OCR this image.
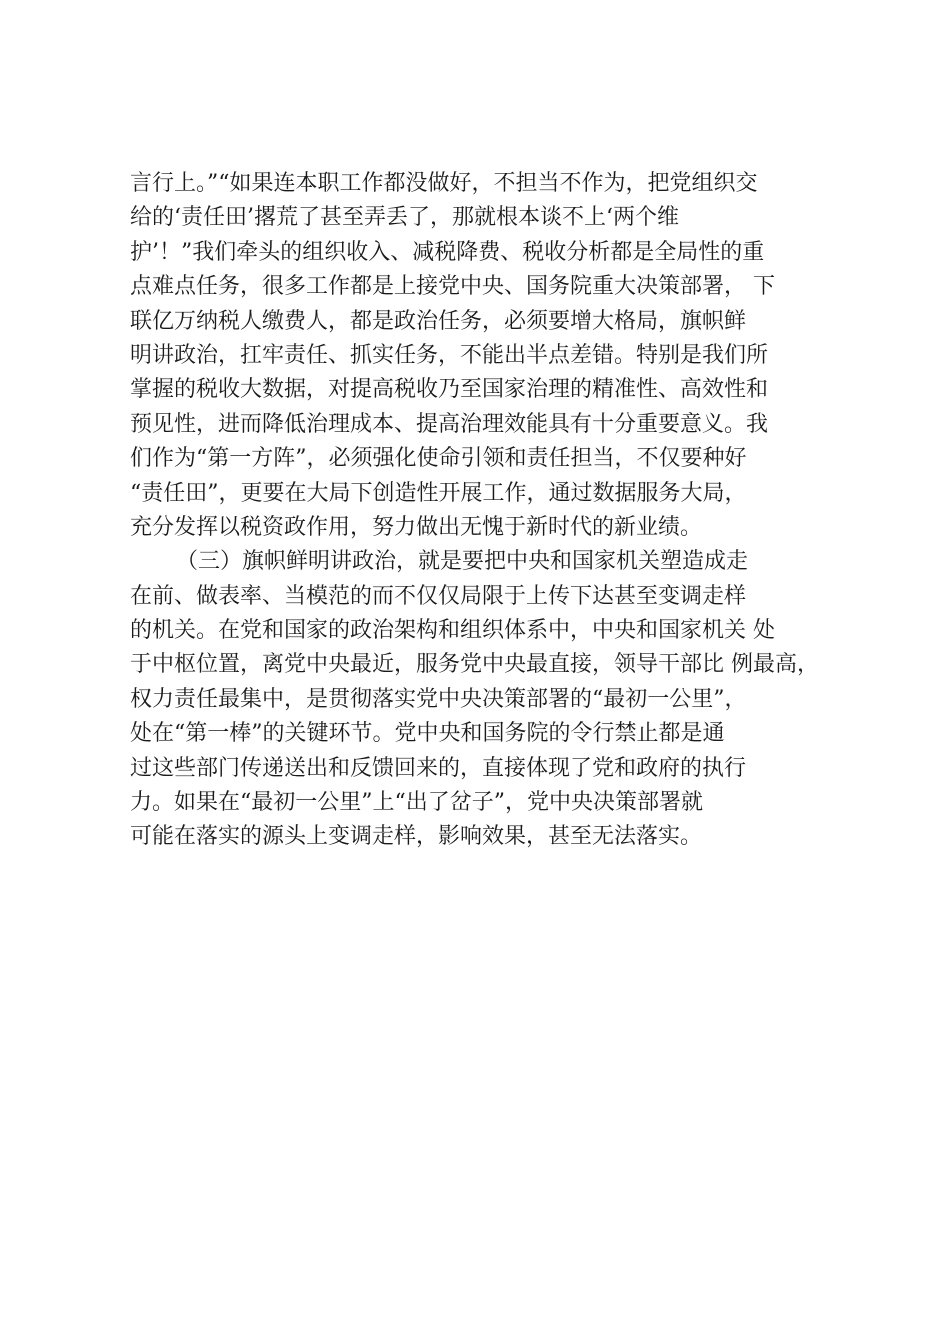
言行上。”“如果连本职工作都没做好，不担当不作为，把党组织交
给的‘责任田’撂荒了甚至弄丢了，那就根本谈不上‘两个维
护’！”我们牵头的组织收入、减税降费、税收分析都是全局性的重
点难点任务，很多工作都是上接党中央、国务院重大决策部署， 下
联亿万纳税人缴费人，都是政治任务，必须要增大格局，旗帜鲜
明讲政治，扛牢责任、抓实任务，不能出半点差错。特别是我们所
掌握的税收大数据，对提高税收乃至国家治理的精准性、高效性和
预见性，进而降低治理成本、提高治理效能具有十分重要意义。我
们作为“第一方阵”，必须强化使命引领和责任担当，不仅要种好
“责任田”，更要在大局下创造性开展工作，通过数据服务大局，
充分发挥以税资政作用，努力做出无愧于新时代的新业绩。
（三）旗帜鲜明讲政治，就是要把中央和国家机关塑造成走
在前、做表率、当模范的而不仅仅局限于上传下达甚至变调走样
的机关。在党和国家的政治架构和组织体系中，中央和国家机关 处
于中枢位置，离党中央最近，服务党中央最直接，领导干部比 例最高，
权力责任最集中，是贯彻落实党中央决策部署的“最初一公里”，
处在“第一棒”的关键环节。党中央和国务院的令行禁止都是通
过这些部门传递送出和反馈回来的，直接体现了党和政府的执行
力。如果在“最初一公里”上“出了岔子”，党中央决策部署就
可能在落实的源头上变调走样，影响效果，甚至无法落实。
